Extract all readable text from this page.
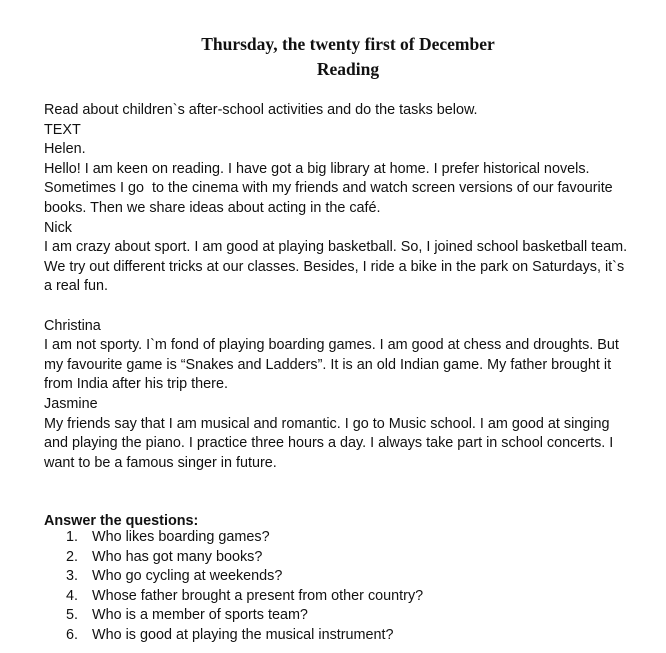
Thursday, the twenty first of December
Reading
Read about children`s after-school activities and do the tasks below.
TEXT
Helen.
Hello! I am keen on reading. I have got a big library at home. I prefer historical novels.
Sometimes I go  to the cinema with my friends and watch screen versions of our favourite
books. Then we share ideas about acting in the café.
Nick
I am crazy about sport. I am good at playing basketball. So, I joined school basketball team.
We try out different tricks at our classes. Besides, I ride a bike in the park on Saturdays, it`s
a real fun.
Christina
I am not sporty. I`m fond of playing boarding games. I am good at chess and droughts. But
my favourite game is “Snakes and Ladders”. It is an old Indian game. My father brought it
from India after his trip there.
Jasmine
My friends say that I am musical and romantic. I go to Music school. I am good at singing
and playing the piano. I practice three hours a day. I always take part in school concerts. I
want to be a famous singer in future.
Answer the questions:
1. Who likes boarding games?
2. Who has got many books?
3. Who go cycling at weekends?
4. Whose father brought a present from other country?
5. Who is a member of sports team?
6. Who is good at playing the musical instrument?
